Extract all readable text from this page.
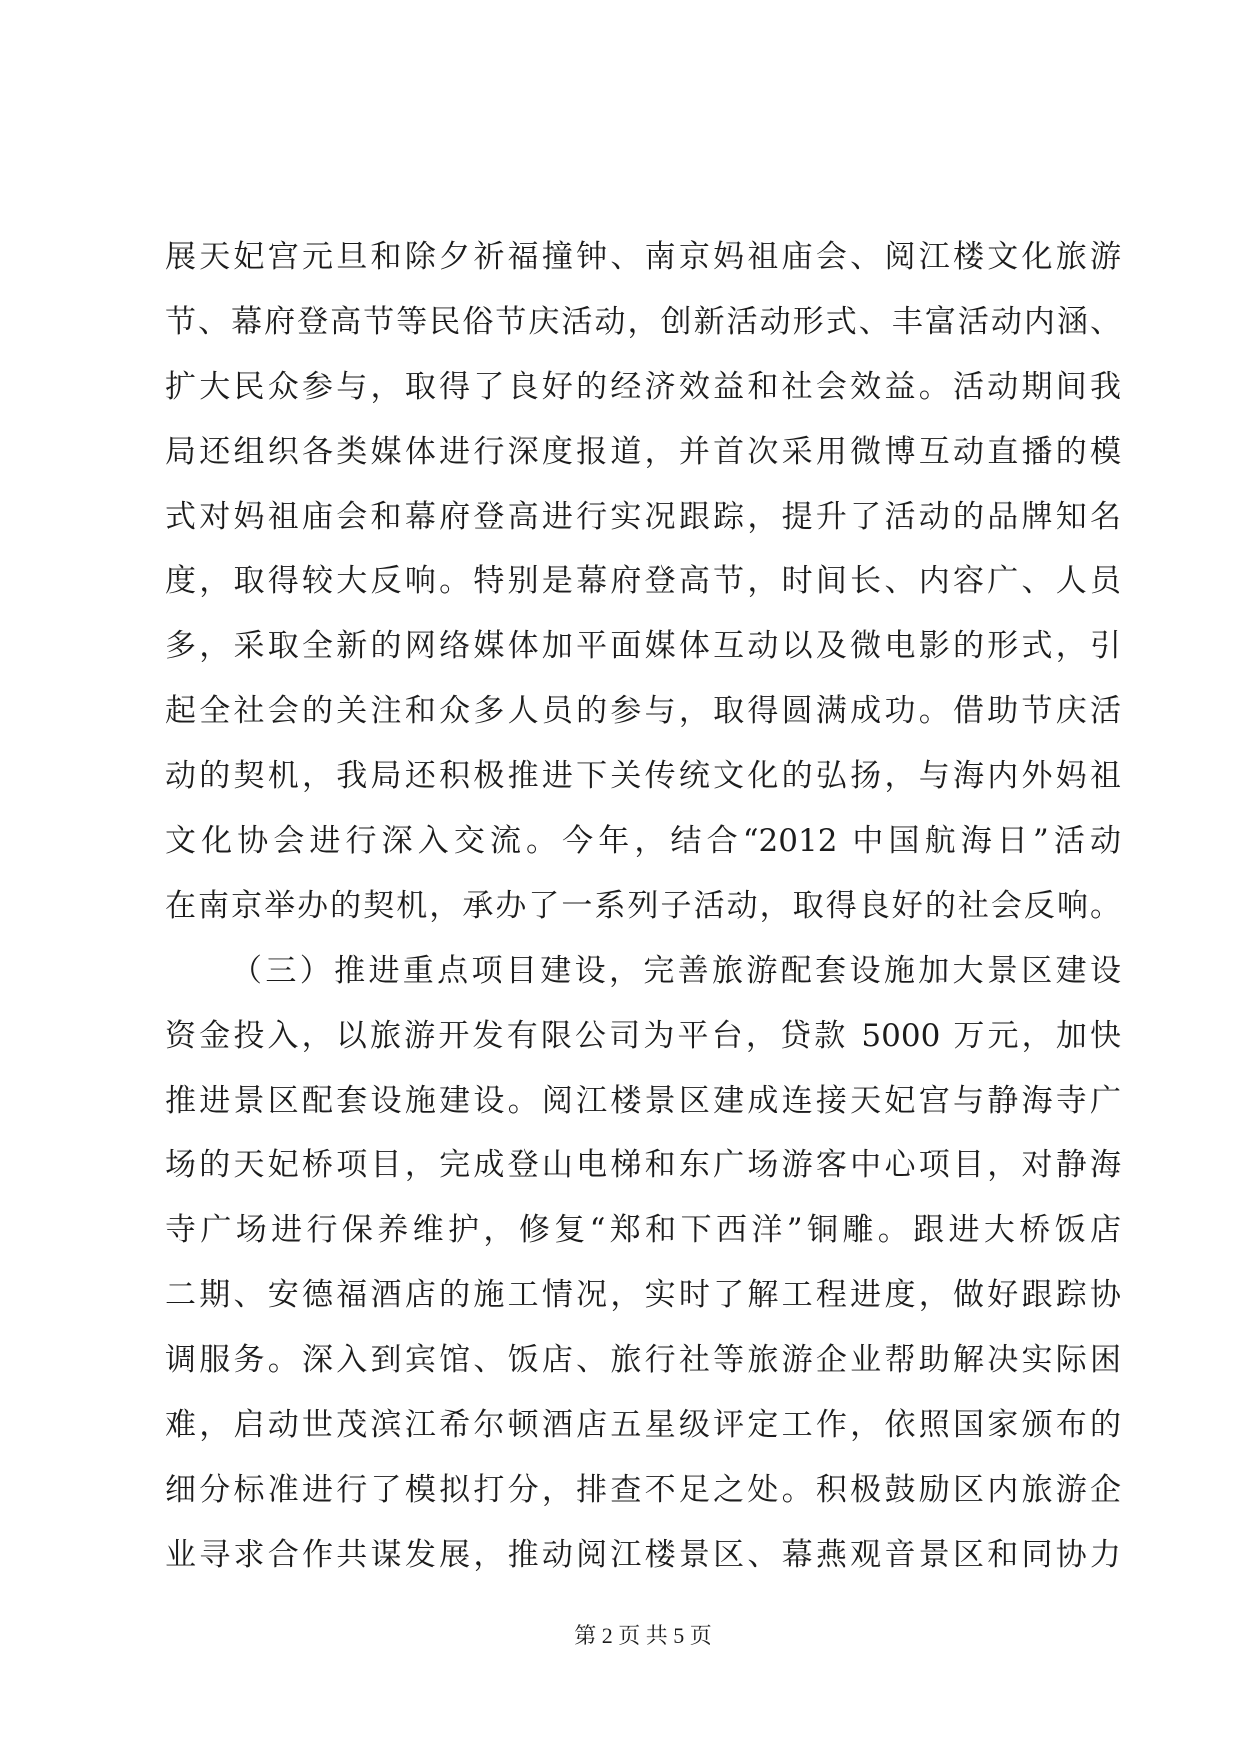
展天妃宫元旦和除夕祈福撞钟、南京妈祖庙会、阅江楼文化旅游
节、幕府登高节等民俗节庆活动，创新活动形式、丰富活动内涵、
扩大民众参与，取得了良好的经济效益和社会效益。活动期间我
局还组织各类媒体进行深度报道，并首次采用微博互动直播的模
式对妈祖庙会和幕府登高进行实况跟踪，提升了活动的品牌知名
度，取得较大反响。特别是幕府登高节，时间长、内容广、人员
多，采取全新的网络媒体加平面媒体互动以及微电影的形式，引
起全社会的关注和众多人员的参与，取得圆满成功。借助节庆活
动的契机，我局还积极推进下关传统文化的弘扬，与海内外妈祖
文化协会进行深入交流。今年，结合“2012 中国航海日”活动
在南京举办的契机，承办了一系列子活动，取得良好的社会反响。
（三）推进重点项目建设，完善旅游配套设施加大景区建设
资金投入，以旅游开发有限公司为平台，贷款 5000 万元，加快
推进景区配套设施建设。阅江楼景区建成连接天妃宫与静海寺广
场的天妃桥项目，完成登山电梯和东广场游客中心项目，对静海
寺广场进行保养维护，修复“郑和下西洋”铜雕。跟进大桥饭店
二期、安德福酒店的施工情况，实时了解工程进度，做好跟踪协
调服务。深入到宾馆、饭店、旅行社等旅游企业帮助解决实际困
难，启动世茂滨江希尔顿酒店五星级评定工作，依照国家颁布的
细分标准进行了模拟打分，排查不足之处。积极鼓励区内旅游企
业寻求合作共谋发展，推动阅江楼景区、幕燕观音景区和同协力
第 2 页 共 5 页
